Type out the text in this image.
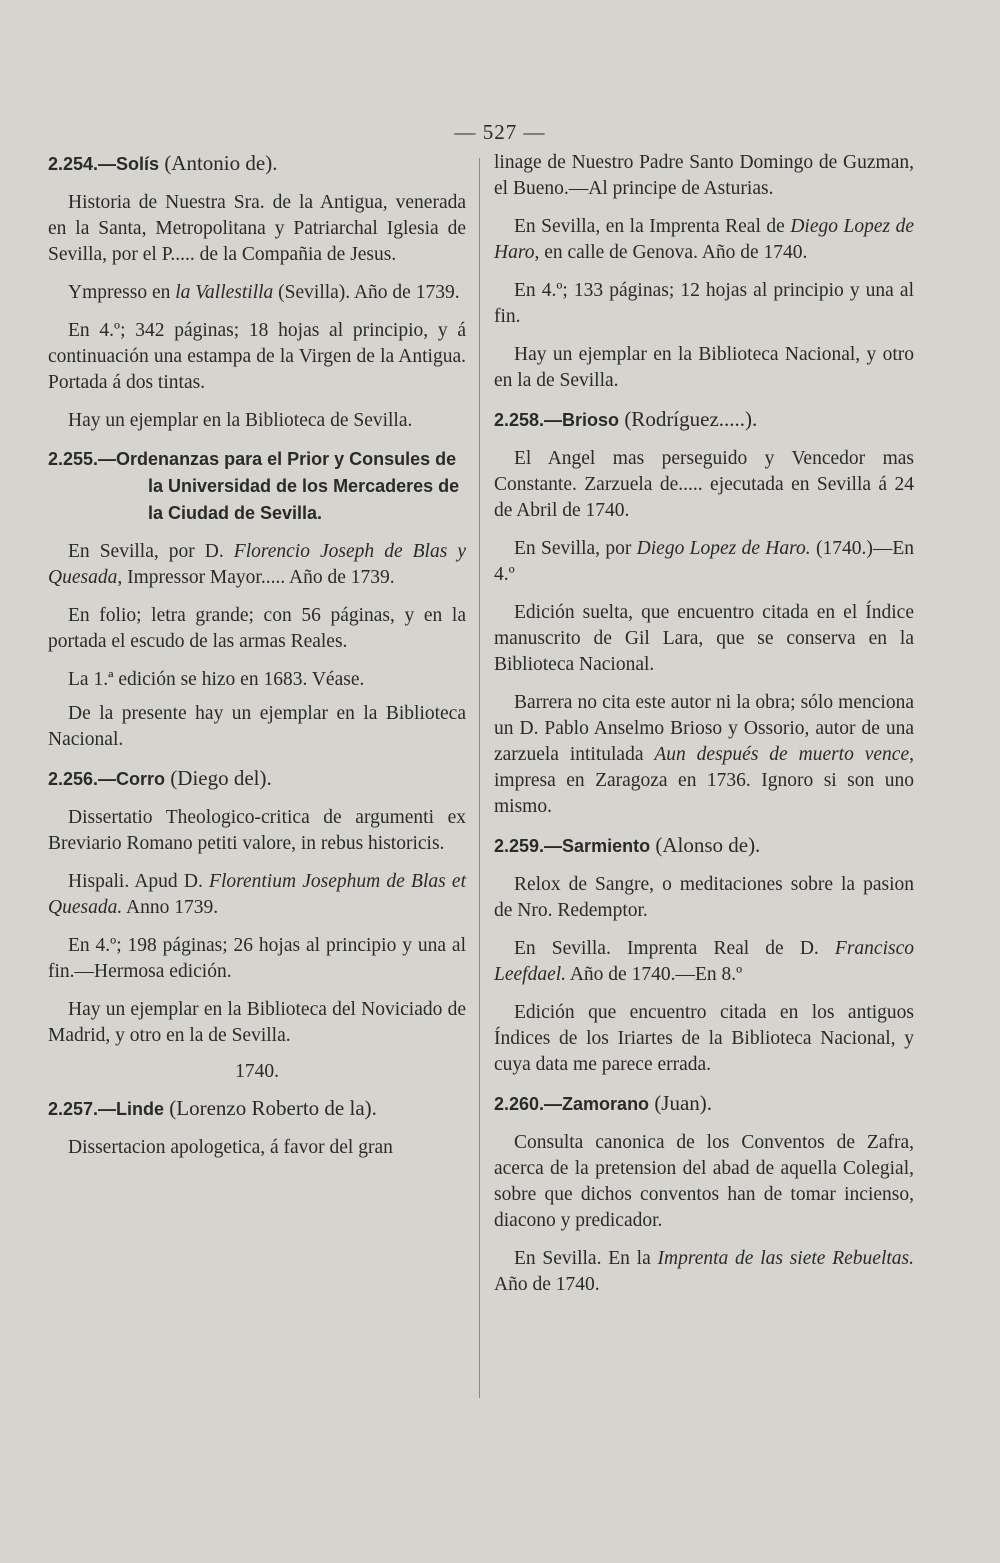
— 527 —
2.254.—Solís (Antonio de).

Historia de Nuestra Sra. de la Antigua, venerada en la Santa, Metropolitana y Patriarchal Iglesia de Sevilla, por el P..... de la Compañia de Jesus.

Ympresso en la Vallestilla (Sevilla). Año de 1739.

En 4.º; 342 páginas; 18 hojas al principio, y á continuación una estampa de la Virgen de la Antigua. Portada á dos tintas.

Hay un ejemplar en la Biblioteca de Sevilla.

2.255.—Ordenanzas para el Prior y Consules de la Universidad de los Mercaderes de la Ciudad de Sevilla.

En Sevilla, por D. Florencio Joseph de Blas y Quesada, Impressor Mayor..... Año de 1739.

En folio; letra grande; con 56 páginas, y en la portada el escudo de las armas Reales.

La 1.ª edición se hizo en 1683. Véase.

De la presente hay un ejemplar en la Biblioteca Nacional.

2.256.—Corro (Diego del).

Dissertatio Theologico-critica de argumenti ex Breviario Romano petiti valore, in rebus historicis.

Hispali. Apud D. Florentium Josephum de Blas et Quesada. Anno 1739.

En 4.º; 198 páginas; 26 hojas al principio y una al fin.—Hermosa edición.

Hay un ejemplar en la Biblioteca del Noviciado de Madrid, y otro en la de Sevilla.

1740.
2.257.—Linde (Lorenzo Roberto de la).

Dissertacion apologetica, á favor del gran

linage de Nuestro Padre Santo Domingo de Guzman, el Bueno.—Al principe de Asturias.

En Sevilla, en la Imprenta Real de Diego Lopez de Haro, en calle de Genova. Año de 1740.

En 4.º; 133 páginas; 12 hojas al principio y una al fin.

Hay un ejemplar en la Biblioteca Nacional, y otro en la de Sevilla.

2.258.—Brioso (Rodríguez.....).

El Angel mas perseguido y Vencedor mas Constante. Zarzuela de..... ejecutada en Sevilla á 24 de Abril de 1740.

En Sevilla, por Diego Lopez de Haro. (1740.)—En 4.º

Edición suelta, que encuentro citada en el Índice manuscrito de Gil Lara, que se conserva en la Biblioteca Nacional.

Barrera no cita este autor ni la obra; sólo menciona un D. Pablo Anselmo Brioso y Ossorio, autor de una zarzuela intitulada Aun después de muerto vence, impresa en Zaragoza en 1736. Ignoro si son uno mismo.

2.259.—Sarmiento (Alonso de).

Relox de Sangre, o meditaciones sobre la pasion de Nro. Redemptor.

En Sevilla. Imprenta Real de D. Francisco Leefdael. Año de 1740.—En 8.º

Edición que encuentro citada en los antiguos Índices de los Iriartes de la Biblioteca Nacional, y cuya data me parece errada.

2.260.—Zamorano (Juan).

Consulta canonica de los Conventos de Zafra, acerca de la pretension del abad de aquella Colegial, sobre que dichos conventos han de tomar incienso, diacono y predicador.

En Sevilla. En la Imprenta de las siete Rebueltas. Año de 1740.
